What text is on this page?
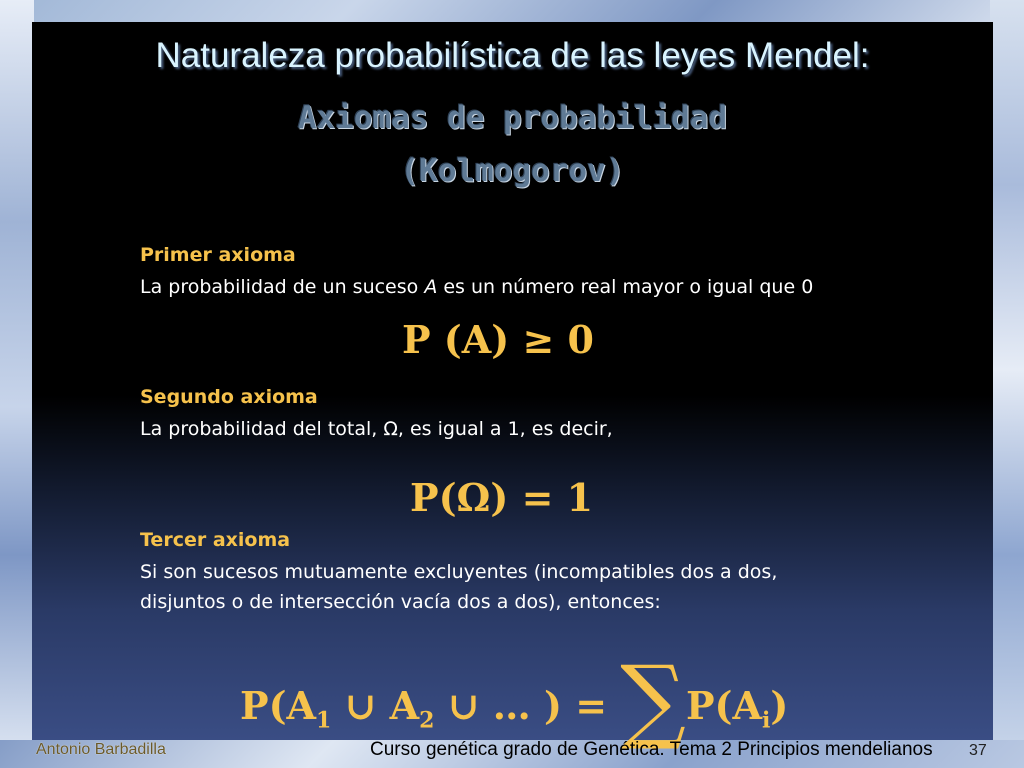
Naturaleza probabilística de las leyes Mendel:
Axiomas de probabilidad
(Kolmogorov)
Primer axioma
La probabilidad de un suceso A es un número real mayor o igual que 0
P (A) ≥ 0
Segundo axioma
La probabilidad del total, Ω, es igual a 1, es decir,
P(Ω) = 1
Tercer axioma
Si son sucesos mutuamente excluyentes (incompatibles dos a dos,
disjuntos o de intersección vacía dos a dos), entonces:
$P(A_1$ ∪ $A_2$ ∪ … ) = $\sum P(A_i)$
Antonio Barbadilla	Curso genética grado de Genética. Tema 2 Principios mendelianos 37
